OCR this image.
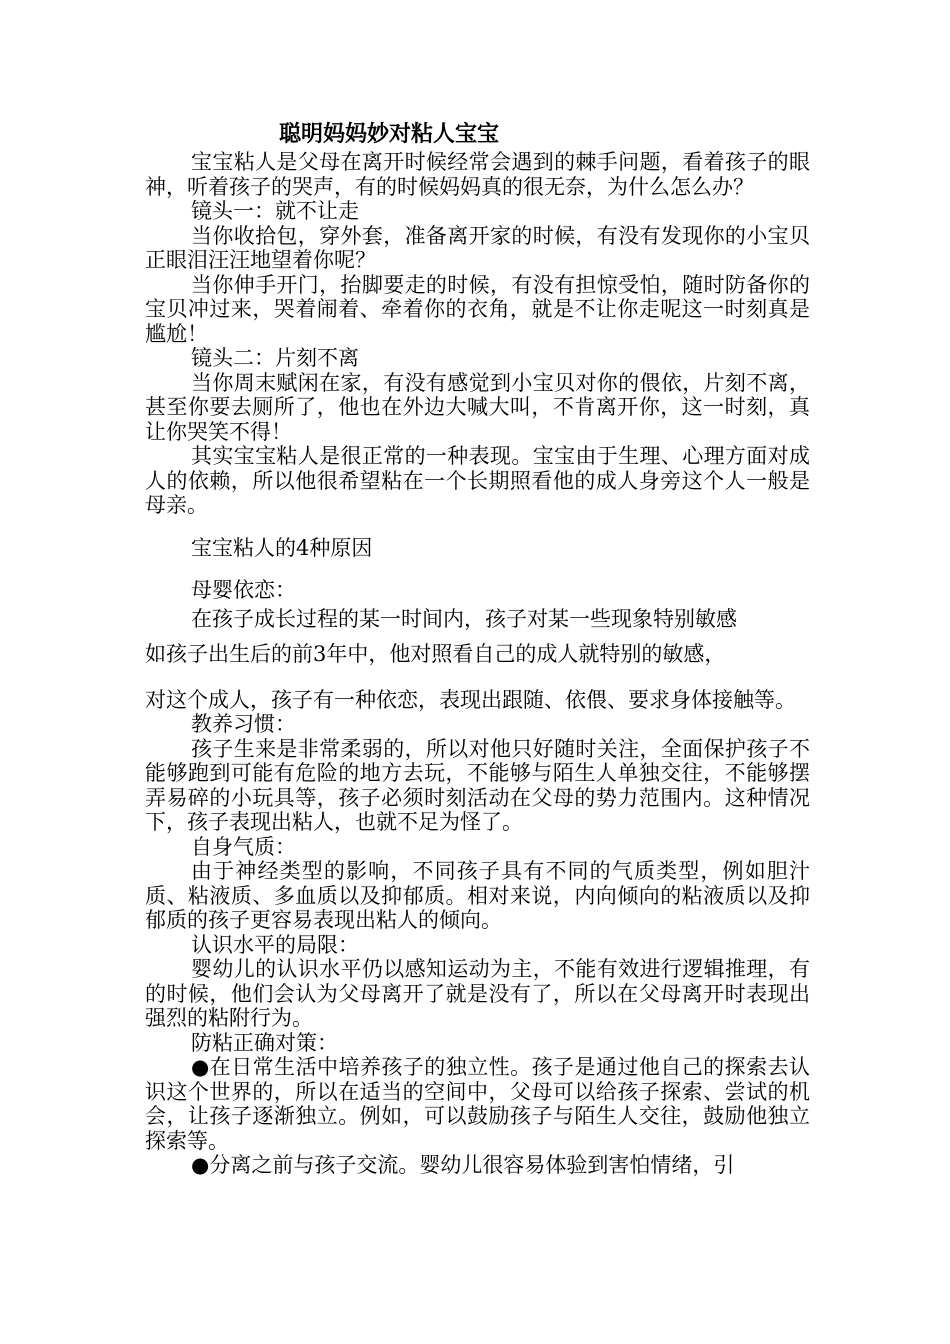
聪明妈妈妙对粘人宝宝

宝宝粘人是父母在离开时候经常会遇到的棘手问题，看着孩子的眼神，听着孩子的哭声，有的时候妈妈真的很无奈，为什么怎么办？

镜头一：就不让走

当你收拾包，穿外套，准备离开家的时候，有没有发现你的小宝贝正眼泪汪汪地望着你呢？

当你伸手开门，抬脚要走的时候，有没有担惊受怕，随时防备你的宝贝冲过来，哭着闹着、牵着你的衣角，就是不让你走呢这一时刻真是尴尬！

镜头二：片刻不离

当你周末赋闲在家，有没有感觉到小宝贝对你的偎依，片刻不离，甚至你要去厕所了，他也在外边大喊大叫，不肯离开你，这一时刻，真让你哭笑不得！

其实宝宝粘人是很正常的一种表现。宝宝由于生理、心理方面对成人的依赖，所以他很希望粘在一个长期照看他的成人身旁这个人一般是母亲。

宝宝粘人的4种原因
母婴依恋：

在孩子成长过程的某一时间内，孩子对某一些现象特别敏感

如孩子出生后的前3年中，他对照看自己的成人就特别的敏感，

对这个成人，孩子有一种依恋，表现出跟随、依偎、要求身体接触等。

教养习惯：

孩子生来是非常柔弱的，所以对他只好随时关注，全面保护孩子不能够跑到可能有危险的地方去玩，不能够与陌生人单独交往，不能够摆弄易碎的小玩具等，孩子必须时刻活动在父母的势力范围内。这种情况下，孩子表现出粘人，也就不足为怪了。

自身气质：

由于神经类型的影响，不同孩子具有不同的气质类型，例如胆汁质、粘液质、多血质以及抑郁质。相对来说，内向倾向的粘液质以及抑郁质的孩子更容易表现出粘人的倾向。

认识水平的局限：

婴幼儿的认识水平仍以感知运动为主，不能有效进行逻辑推理，有的时候，他们会认为父母离开了就是没有了，所以在父母离开时表现出强烈的粘附行为。

防粘正确对策：

●在日常生活中培养孩子的独立性。孩子是通过他自己的探索去认识这个世界的，所以在适当的空间中，父母可以给孩子探索、尝试的机会，让孩子逐渐独立。例如，可以鼓励孩子与陌生人交往，鼓励他独立探索等。

●分离之前与孩子交流。婴幼儿很容易体验到害怕情绪，引
